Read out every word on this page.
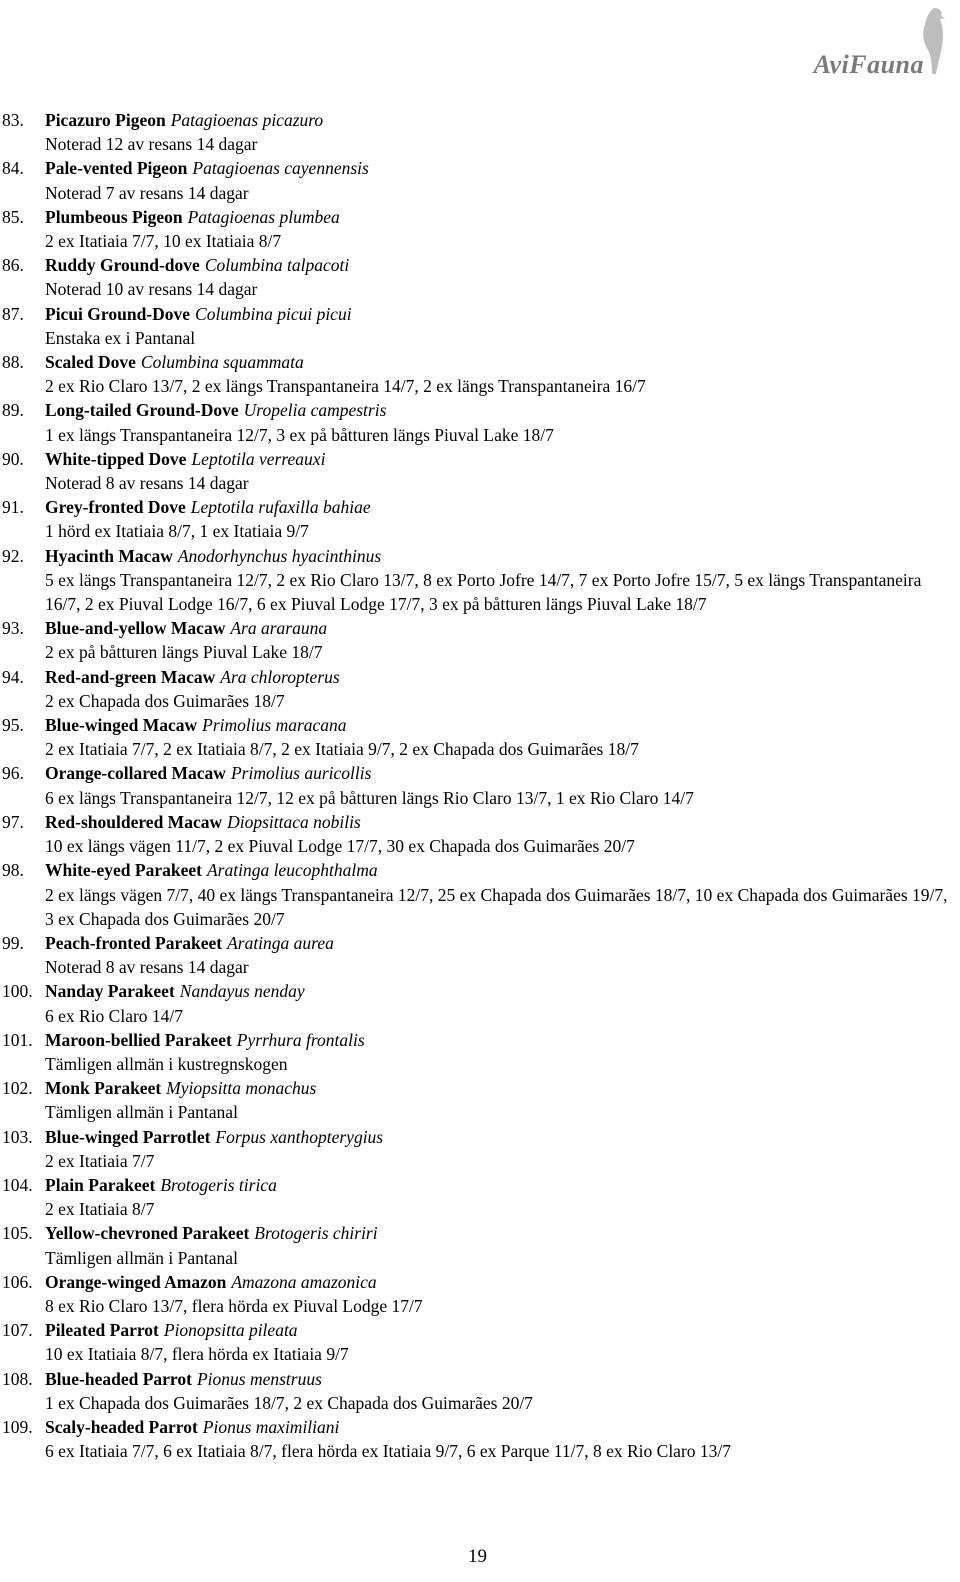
AviFauna
83.	Picazuro Pigeon Patagioenas picazuro
Noterad 12 av resans 14 dagar
84.	Pale-vented Pigeon Patagioenas cayennensis
Noterad 7 av resans 14 dagar
85.	Plumbeous Pigeon Patagioenas plumbea
2 ex Itatiaia 7/7, 10 ex Itatiaia 8/7
86.	Ruddy Ground-dove Columbina talpacoti
Noterad 10 av resans 14 dagar
87.	Picui Ground-Dove Columbina picui picui
Enstaka ex i Pantanal
88.	Scaled Dove Columbina squammata
2 ex Rio Claro 13/7, 2 ex längs Transpantaneira 14/7, 2 ex längs Transpantaneira 16/7
89.	Long-tailed Ground-Dove Uropelia campestris
1 ex längs Transpantaneira 12/7, 3 ex på båtturen längs Piuval Lake 18/7
90.	White-tipped Dove Leptotila verreauxi
Noterad 8 av resans 14 dagar
91.	Grey-fronted Dove Leptotila rufaxilla bahiae
1 hörd ex Itatiaia 8/7, 1 ex Itatiaia 9/7
92.	Hyacinth Macaw Anodorhynchus hyacinthinus
5 ex längs Transpantaneira 12/7, 2 ex Rio Claro 13/7, 8 ex Porto Jofre 14/7, 7 ex Porto Jofre 15/7, 5 ex längs Transpantaneira 16/7, 2 ex Piuval Lodge 16/7, 6 ex Piuval Lodge 17/7, 3 ex på båtturen längs Piuval Lake 18/7
93.	Blue-and-yellow Macaw Ara ararauna
2 ex på båtturen längs Piuval Lake 18/7
94.	Red-and-green Macaw Ara chloropterus
2 ex Chapada dos Guimarães 18/7
95.	Blue-winged Macaw Primolius maracana
2 ex Itatiaia 7/7, 2 ex Itatiaia 8/7, 2 ex Itatiaia 9/7, 2 ex Chapada dos Guimarães 18/7
96.	Orange-collared Macaw Primolius auricollis
6 ex längs Transpantaneira 12/7, 12 ex på båtturen längs Rio Claro 13/7, 1 ex Rio Claro 14/7
97.	Red-shouldered Macaw Diopsittaca nobilis
10 ex längs vägen 11/7, 2 ex Piuval Lodge 17/7, 30 ex Chapada dos Guimarães 20/7
98.	White-eyed Parakeet Aratinga leucophthalma
2 ex längs vägen 7/7, 40 ex längs Transpantaneira 12/7, 25 ex Chapada dos Guimarães 18/7, 10 ex Chapada dos Guimarães 19/7, 3 ex Chapada dos Guimarães 20/7
99.	Peach-fronted Parakeet Aratinga aurea
Noterad 8 av resans 14 dagar
100. Nanday Parakeet Nandayus nenday
6 ex Rio Claro 14/7
101. Maroon-bellied Parakeet Pyrrhura frontalis
Tämligen allmän i kustregnskogen
102. Monk Parakeet Myiopsitta monachus
Tämligen allmän i Pantanal
103. Blue-winged Parrotlet Forpus xanthopterygius
2 ex Itatiaia 7/7
104. Plain Parakeet Brotogeris tirica
2 ex Itatiaia 8/7
105. Yellow-chevroned Parakeet Brotogeris chiriri
Tämligen allmän i Pantanal
106. Orange-winged Amazon Amazona amazonica
8 ex Rio Claro 13/7, flera hörda ex Piuval Lodge 17/7
107. Pileated Parrot Pionopsitta pileata
10 ex Itatiaia 8/7, flera hörda ex Itatiaia 9/7
108. Blue-headed Parrot Pionus menstruus
1 ex Chapada dos Guimarães 18/7, 2 ex Chapada dos Guimarães 20/7
109. Scaly-headed Parrot Pionus maximiliani
6 ex Itatiaia 7/7, 6 ex Itatiaia 8/7, flera hörda ex Itatiaia 9/7, 6 ex Parque 11/7, 8 ex Rio Claro 13/7
19
